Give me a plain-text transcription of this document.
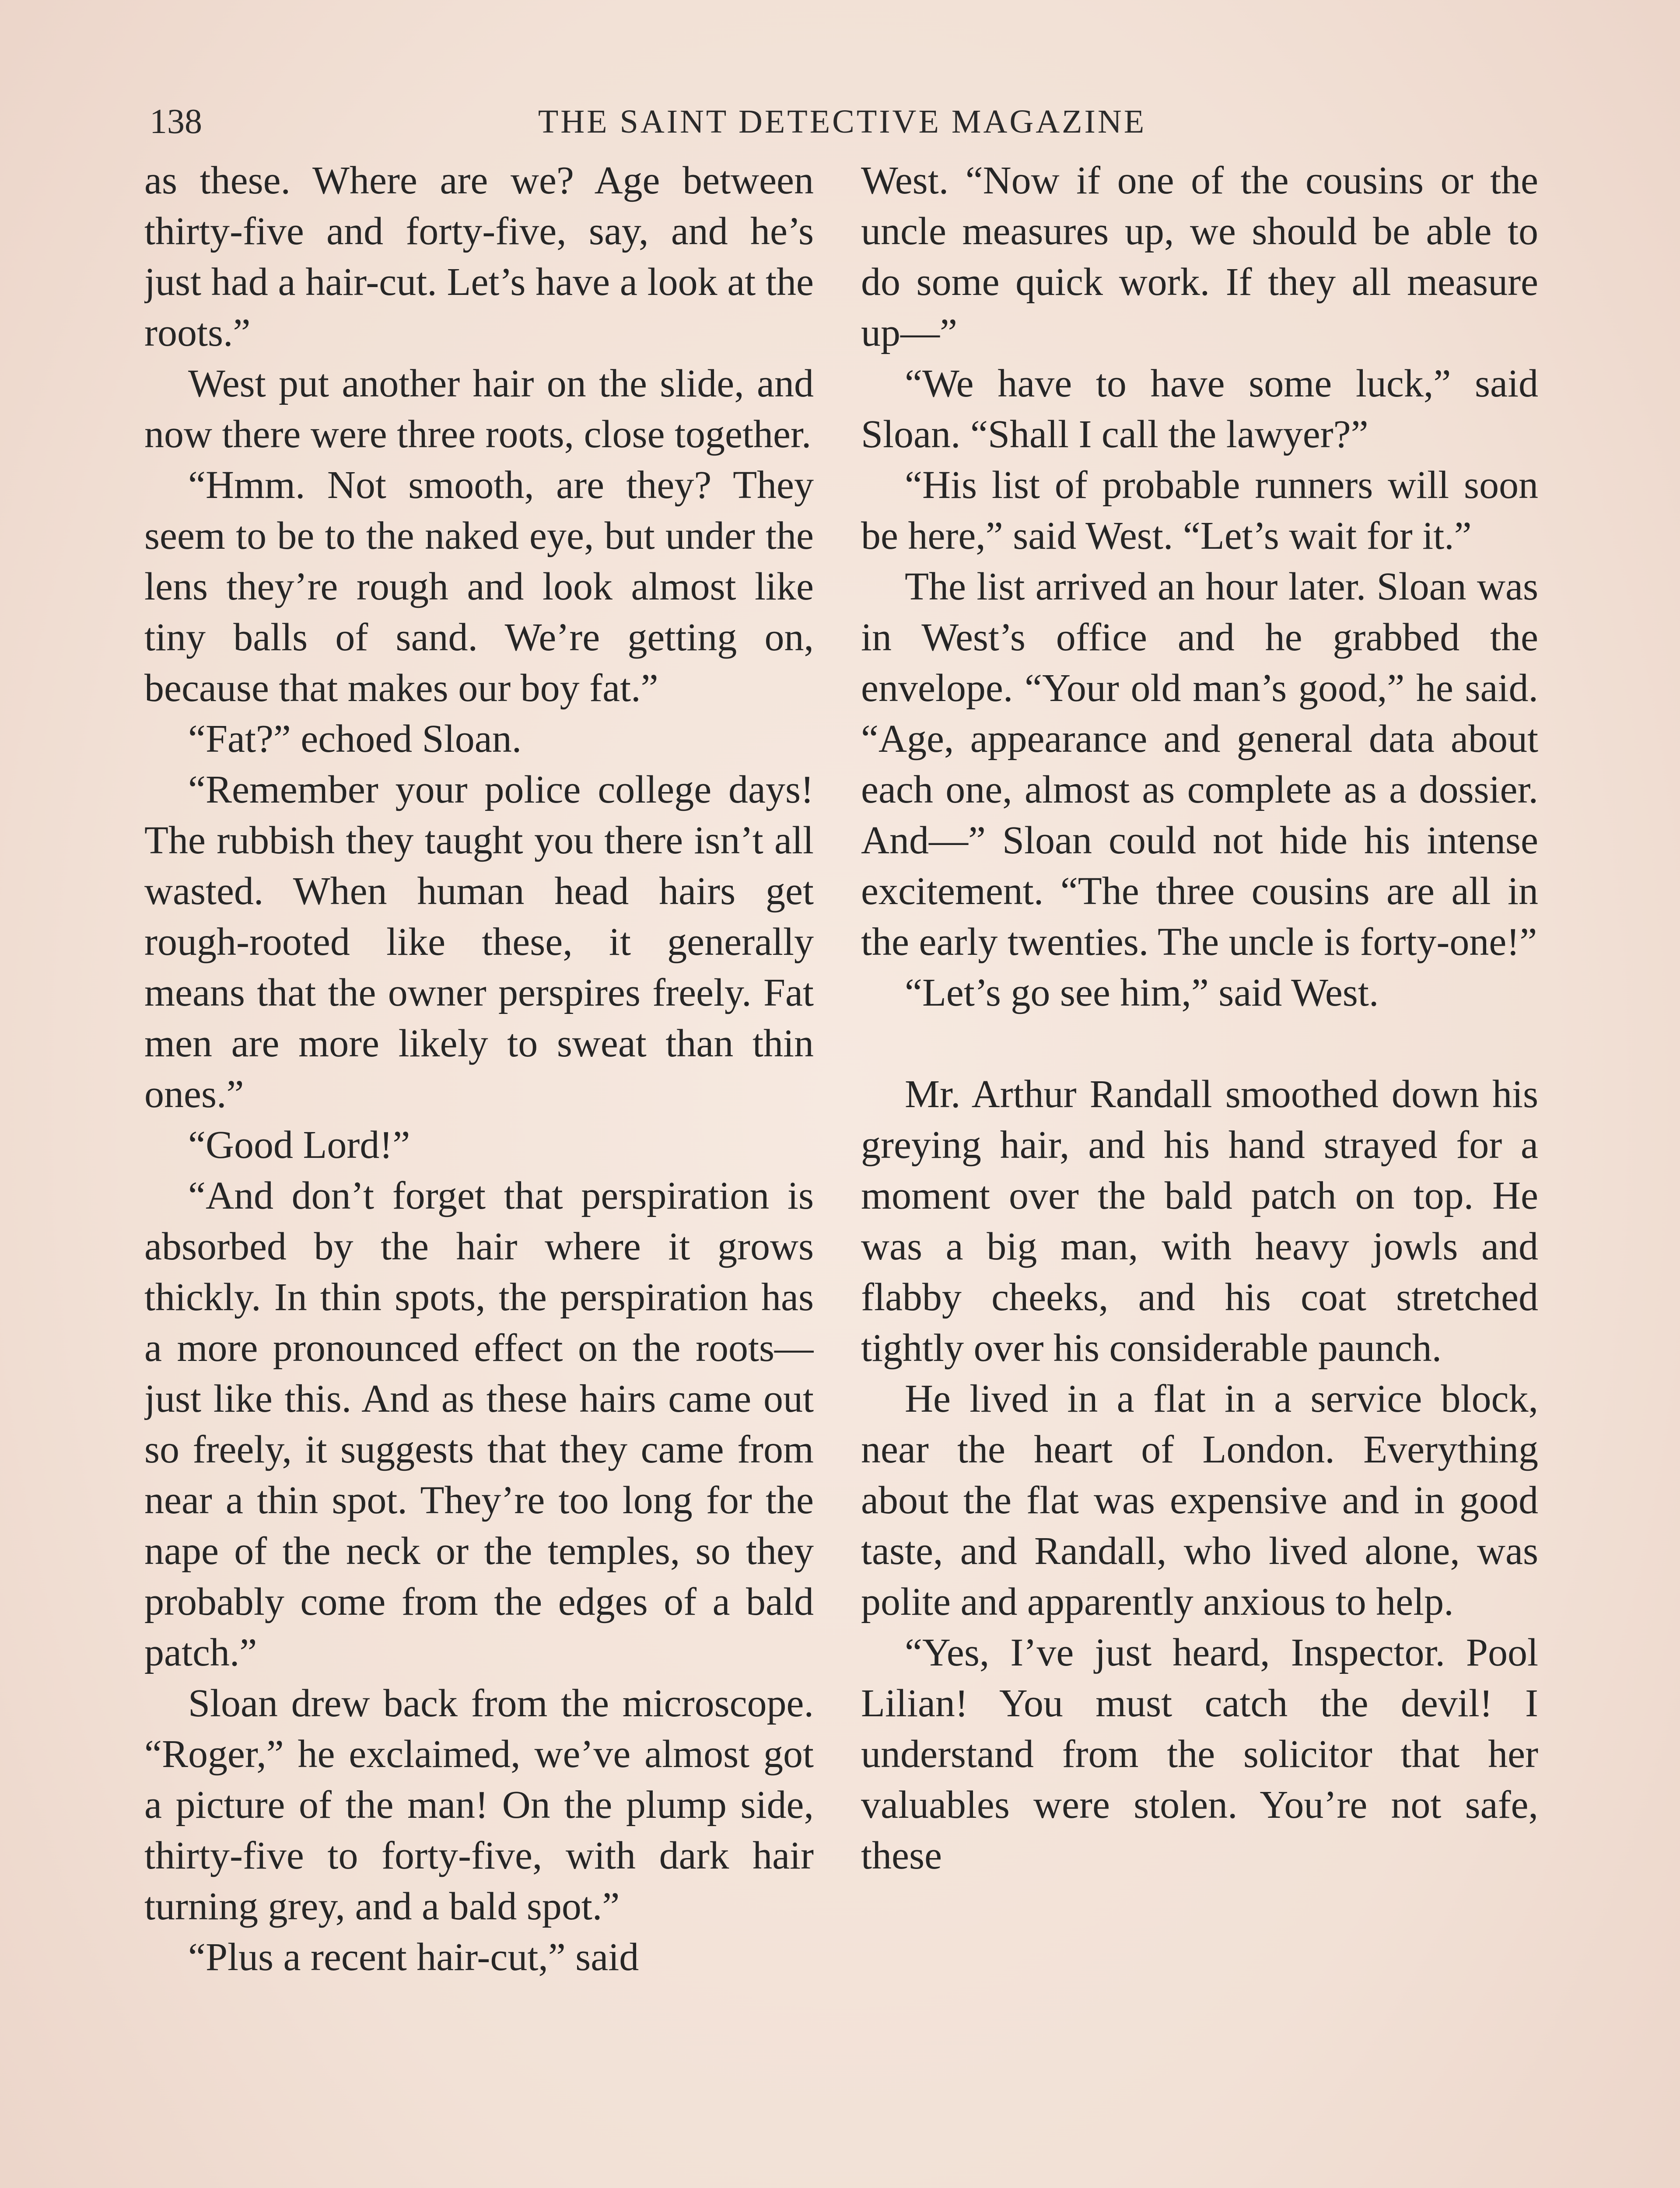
138	THE SAINT DETECTIVE MAGAZINE

as these. Where are we? Age between thirty-five and forty-five, say, and he’s just had a hair-cut. Let’s have a look at the roots.”

West put another hair on the slide, and now there were three roots, close together.

“Hmm. Not smooth, are they? They seem to be to the naked eye, but under the lens they’re rough and look almost like tiny balls of sand. We’re getting on, because that makes our boy fat.”

“Fat?” echoed Sloan.

“Remember your police college days! The rubbish they taught you there isn’t all wasted. When human head hairs get rough-rooted like these, it generally means that the owner perspires freely. Fat men are more likely to sweat than thin ones.”

“Good Lord!”

“And don’t forget that perspiration is absorbed by the hair where it grows thickly. In thin spots, the perspiration has a more pronounced effect on the roots—just like this. And as these hairs came out so freely, it suggests that they came from near a thin spot. They’re too long for the nape of the neck or the temples, so they probably come from the edges of a bald patch.”

Sloan drew back from the microscope. “Roger,” he exclaimed, we’ve almost got a picture of the man! On the plump side, thirty-five to forty-five, with dark hair turning grey, and a bald spot.”

“Plus a recent hair-cut,” said

West. “Now if one of the cousins or the uncle measures up, we should be able to do some quick work. If they all measure up—”

“We have to have some luck,” said Sloan. “Shall I call the lawyer?”

“His list of probable runners will soon be here,” said West. “Let’s wait for it.”

The list arrived an hour later. Sloan was in West’s office and he grabbed the envelope. “Your old man’s good,” he said. “Age, appearance and general data about each one, almost as complete as a dossier. And—” Sloan could not hide his intense excitement. “The three cousins are all in the early twenties. The uncle is forty-one!”

“Let’s go see him,” said West.

Mr. Arthur Randall smoothed down his greying hair, and his hand strayed for a moment over the bald patch on top. He was a big man, with heavy jowls and flabby cheeks, and his coat stretched tightly over his considerable paunch.

He lived in a flat in a service block, near the heart of London. Everything about the flat was expensive and in good taste, and Randall, who lived alone, was polite and apparently anxious to help.

“Yes, I’ve just heard, Inspector. Pool Lilian! You must catch the devil! I understand from the solicitor that her valuables were stolen. You’re not safe, these
